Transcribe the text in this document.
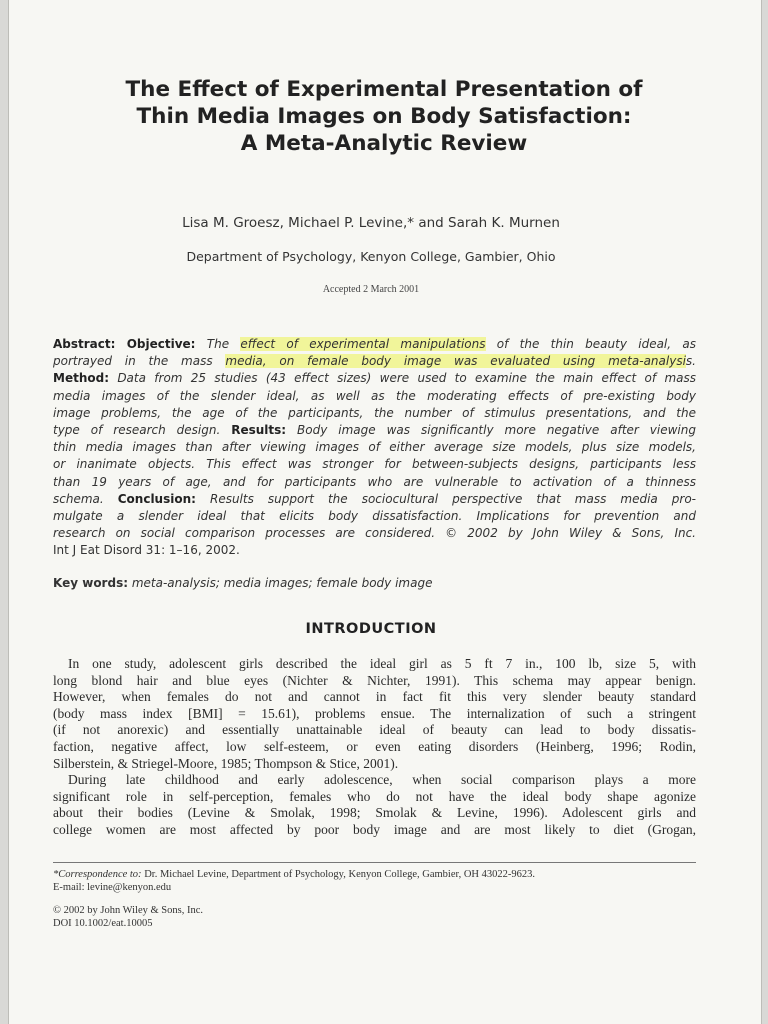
The Effect of Experimental Presentation of
Thin Media Images on Body Satisfaction:
A Meta-Analytic Review
Lisa M. Groesz, Michael P. Levine,* and Sarah K. Murnen
Department of Psychology, Kenyon College, Gambier, Ohio
Accepted 2 March 2001
Abstract: Objective: The effect of experimental manipulations of the thin beauty ideal, as
portrayed in the mass media, on female body image was evaluated using meta-analysis.
Method: Data from 25 studies (43 effect sizes) were used to examine the main effect of mass
media images of the slender ideal, as well as the moderating effects of pre-existing body
image problems, the age of the participants, the number of stimulus presentations, and the
type of research design. Results: Body image was significantly more negative after viewing
thin media images than after viewing images of either average size models, plus size models,
or inanimate objects. This effect was stronger for between-subjects designs, participants less
than 19 years of age, and for participants who are vulnerable to activation of a thinness
schema. Conclusion: Results support the sociocultural perspective that mass media pro-
mulgate a slender ideal that elicits body dissatisfaction. Implications for prevention and
research on social comparison processes are considered. © 2002 by John Wiley & Sons, Inc.
Int J Eat Disord 31: 1–16, 2002.
Key words: meta-analysis; media images; female body image
INTRODUCTION
In one study, adolescent girls described the ideal girl as 5 ft 7 in., 100 lb, size 5, with
long blond hair and blue eyes (Nichter & Nichter, 1991). This schema may appear benign.
However, when females do not and cannot in fact fit this very slender beauty standard
(body mass index [BMI] = 15.61), problems ensue. The internalization of such a stringent
(if not anorexic) and essentially unattainable ideal of beauty can lead to body dissatis-
faction, negative affect, low self-esteem, or even eating disorders (Heinberg, 1996; Rodin,
Silberstein, & Striegel-Moore, 1985; Thompson & Stice, 2001).
During late childhood and early adolescence, when social comparison plays a more
significant role in self-perception, females who do not have the ideal body shape agonize
about their bodies (Levine & Smolak, 1998; Smolak & Levine, 1996). Adolescent girls and
college women are most affected by poor body image and are most likely to diet (Grogan,
*Correspondence to: Dr. Michael Levine, Department of Psychology, Kenyon College, Gambier, OH 43022-9623.
E-mail: levine@kenyon.edu
© 2002 by John Wiley & Sons, Inc.
DOI 10.1002/eat.10005
